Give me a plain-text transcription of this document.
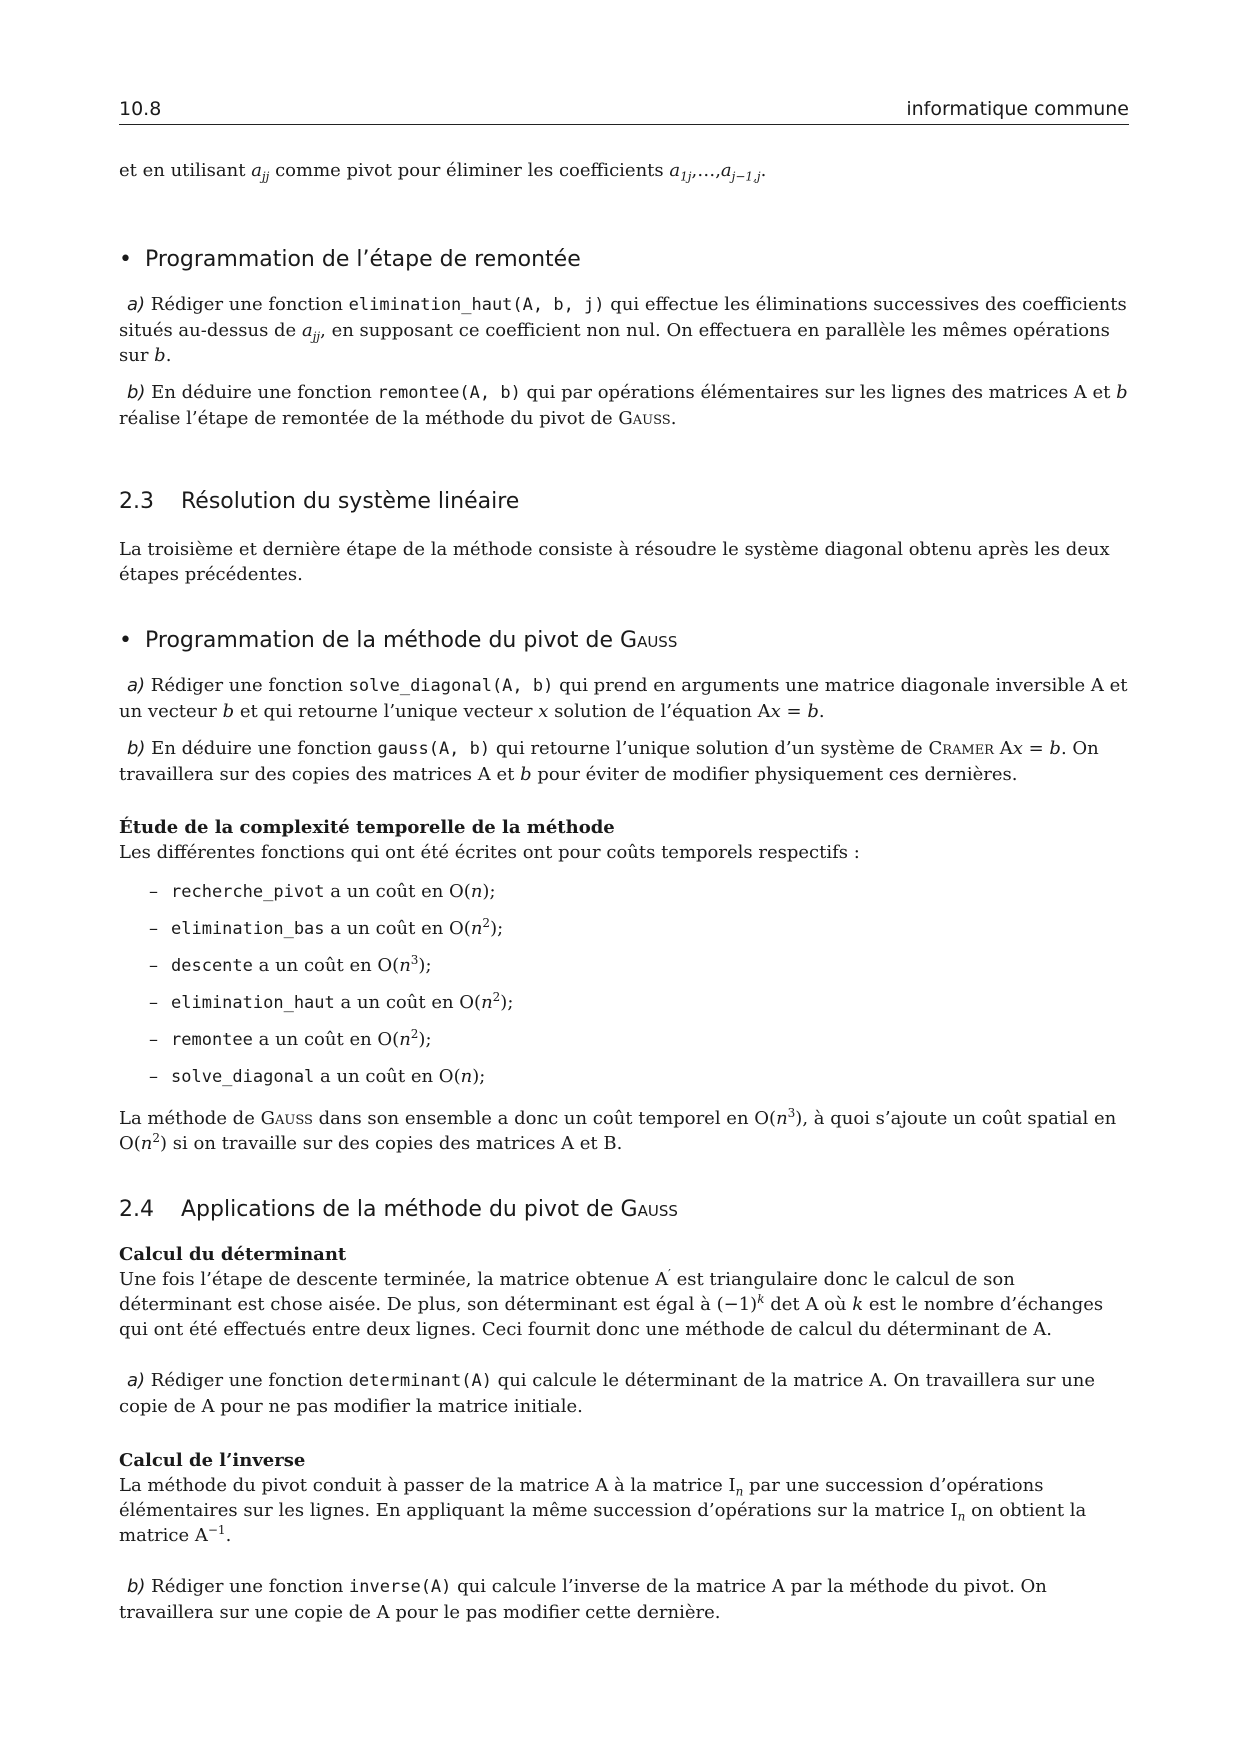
10.8	informatique commune
et en utilisant $a_{jj}$ comme pivot pour éliminer les coefficients $a_{1j},\dots,a_{j-1,j}$.
• Programmation de l’étape de remontée
a) Rédiger une fonction elimination_haut(A, b, j) qui effectue les éliminations successives des coefficients situés au-dessus de $a_{jj}$, en supposant ce coefficient non nul. On effectuera en parallèle les mêmes opérations sur b.
b) En déduire une fonction remontee(A, b) qui par opérations élémentaires sur les lignes des matrices A et b réalise l’étape de remontée de la méthode du pivot de Gauss.
2.3 Résolution du système linéaire
La troisième et dernière étape de la méthode consiste à résoudre le système diagonal obtenu après les deux étapes précédentes.
• Programmation de la méthode du pivot de Gauss
a) Rédiger une fonction solve_diagonal(A, b) qui prend en arguments une matrice diagonale inversible A et un vecteur b et qui retourne l’unique vecteur x solution de l’équation Ax = b.
b) En déduire une fonction gauss(A, b) qui retourne l’unique solution d’un système de Cramer Ax = b. On travaillera sur des copies des matrices A et b pour éviter de modifier physiquement ces dernières.

Étude de la complexité temporelle de la méthode

Les différentes fonctions qui ont été écrites ont pour coûts temporels respectifs :

– recherche_pivot a un coût en O(n);
– elimination_bas a un coût en $O(n^2)$;
– descente a un coût en $O(n^3)$;
– elimination_haut a un coût en $O(n^2)$;
– remontee a un coût en $O(n^2)$;
– solve_diagonal a un coût en O(n);
La méthode de Gauss dans son ensemble a donc un coût temporel en $O(n^3)$, à quoi s’ajoute un coût spatial en $O(n^2)$ si on travaille sur des copies des matrices A et B.
2.4 Applications de la méthode du pivot de Gauss

Calcul du déterminant

Une fois l’étape de descente terminée, la matrice obtenue A′ est triangulaire donc le calcul de son déterminant est chose aisée. De plus, son déterminant est égal à $(-1)^k$ det A où k est le nombre d’échanges qui ont été effectués entre deux lignes. Ceci fournit donc une méthode de calcul du déterminant de A.

a) Rédiger une fonction determinant(A) qui calcule le déterminant de la matrice A. On travaillera sur une copie de A pour ne pas modifier la matrice initiale.

Calcul de l’inverse

La méthode du pivot conduit à passer de la matrice A à la matrice $I_n$ par une succession d’opérations élémentaires sur les lignes. En appliquant la même succession d’opérations sur la matrice $I_n$ on obtient la matrice $A^{-1}$.

b) Rédiger une fonction inverse(A) qui calcule l’inverse de la matrice A par la méthode du pivot. On travaillera sur une copie de A pour le pas modifier cette dernière.
